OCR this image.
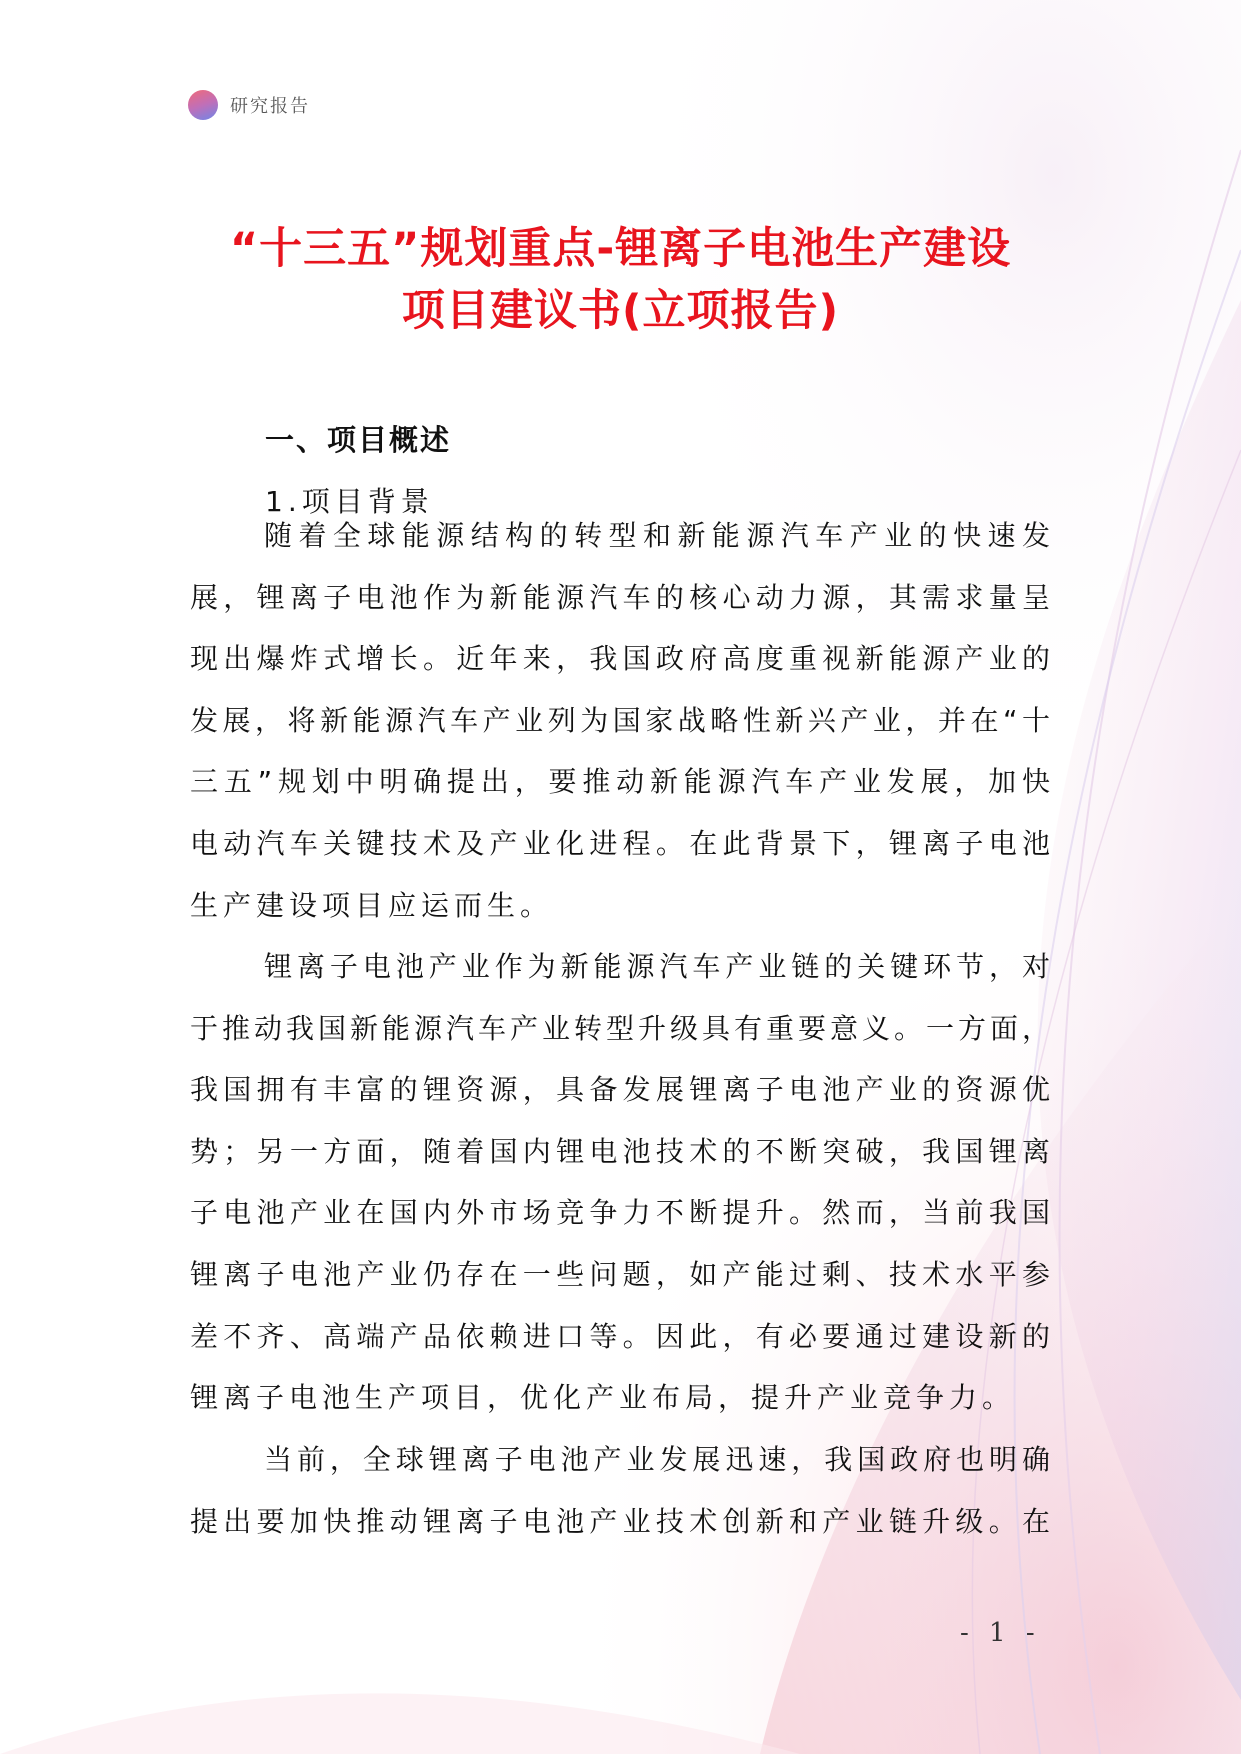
研究报告
“十三五”规划重点-锂离子电池生产建设
项目建议书(立项报告)
一、项目概述
1.项目背景
随着全球能源结构的转型和新能源汽车产业的快速发
展，锂离子电池作为新能源汽车的核心动力源，其需求量呈
现出爆炸式增长。近年来，我国政府高度重视新能源产业的
发展，将新能源汽车产业列为国家战略性新兴产业，并在“十
三五”规划中明确提出，要推动新能源汽车产业发展，加快
电动汽车关键技术及产业化进程。在此背景下，锂离子电池
生产建设项目应运而生。
锂离子电池产业作为新能源汽车产业链的关键环节，对
于推动我国新能源汽车产业转型升级具有重要意义。一方面，
我国拥有丰富的锂资源，具备发展锂离子电池产业的资源优
势；另一方面，随着国内锂电池技术的不断突破，我国锂离
子电池产业在国内外市场竞争力不断提升。然而，当前我国
锂离子电池产业仍存在一些问题，如产能过剩、技术水平参
差不齐、高端产品依赖进口等。因此，有必要通过建设新的
锂离子电池生产项目，优化产业布局，提升产业竞争力。
当前，全球锂离子电池产业发展迅速，我国政府也明确
提出要加快推动锂离子电池产业技术创新和产业链升级。在
- 1 -
